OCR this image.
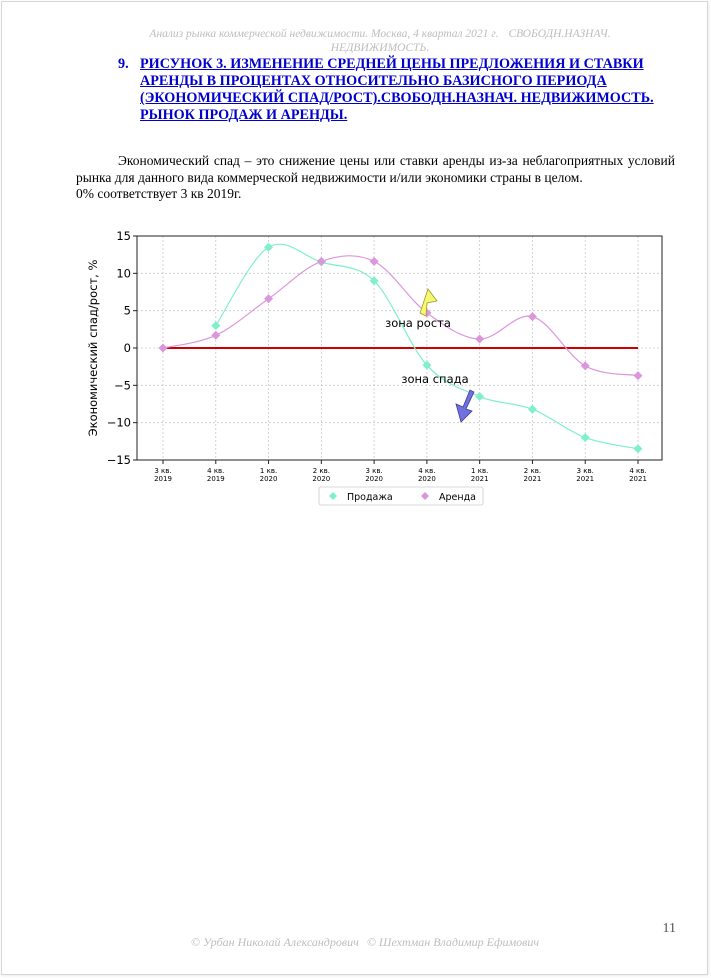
Анализ рынка коммерческой недвижимости. Москва, 4 квартал 2021 г. СВОБОДН.НАЗНАЧ. НЕДВИЖИМОСТЬ.
9. РИСУНОК 3. ИЗМЕНЕНИЕ СРЕДНЕЙ ЦЕНЫ ПРЕДЛОЖЕНИЯ И СТАВКИ АРЕНДЫ В ПРОЦЕНТАХ ОТНОСИТЕЛЬНО БАЗИСНОГО ПЕРИОДА (ЭКОНОМИЧЕСКИЙ СПАД/РОСТ).СВОБОДН.НАЗНАЧ. НЕДВИЖИМОСТЬ. РЫНОК ПРОДАЖ И АРЕНДЫ.
Экономический спад – это снижение цены или ставки аренды из-за неблагоприятных условий рынка для данного вида коммерческой недвижимости и/или экономики страны в целом.
0% соответствует 3 кв 2019г.
зона роста
зона спада
15
10
5
0
−5
−10
−15
3 кв. 2019
4 кв. 2019
1 кв. 2020
2 кв. 2020
3 кв. 2020
4 кв. 2020
1 кв. 2021
2 кв. 2021
3 кв. 2021
4 кв. 2021
Экономический спад/рост, %
Продажа	Аренда
11
© Урбан Николай Александрович © Шехтман Владимир Ефимович
